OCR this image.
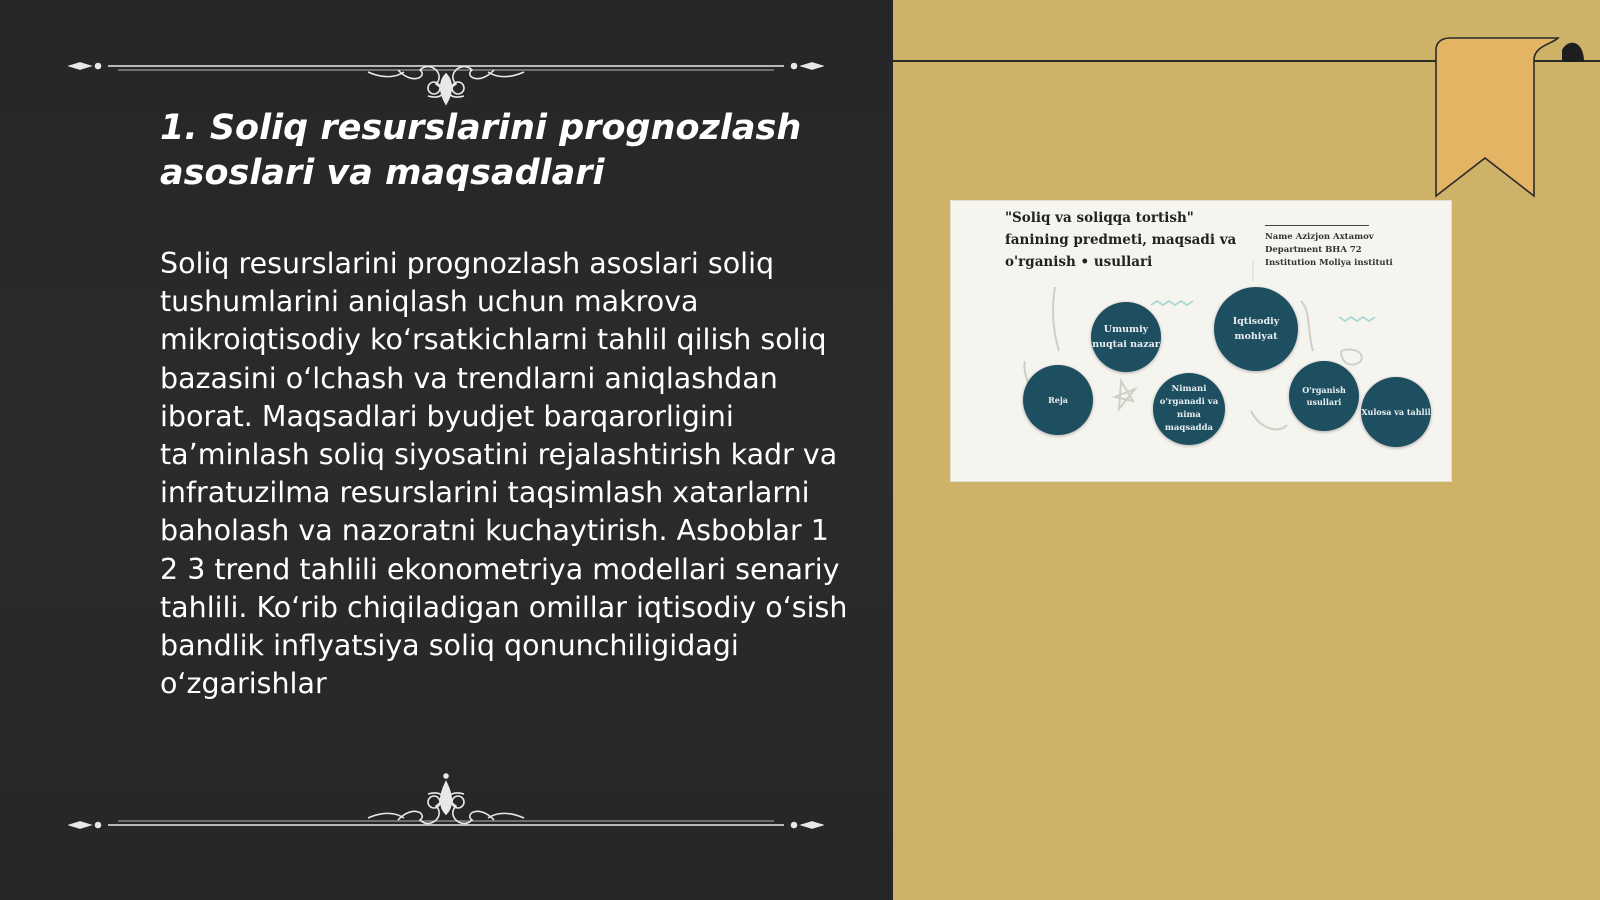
1. Soliq resurslarini prognozlash asoslari va maqsadlari

Soliq resurslarini prognozlash asoslari soliq tushumlarini aniqlash uchun makrova mikroiqtisodiy koʻrsatkichlarni tahlil qilish soliq bazasini oʻlchash va trendlarni aniqlashdan iborat. Maqsadlari byudjet barqarorligini taʼminlash soliq siyosatini rejalashtirish kadr va infratuzilma resurslarini taqsimlash xatarlarni baholash va nazoratni kuchaytirish. Asboblar 1 2 3 trend tahlili ekonometriya modellari senariy tahlili. Koʻrib chiqiladigan omillar iqtisodiy oʻsish bandlik inflyatsiya soliq qonunchiligidagi oʻzgarishlar

"Soliq va soliqqa tortish" fanining predmeti, maqsadi va o'rganish • usullari
Name Azizjon Axtamov
Department BHA 72
Institution Moliya instituti
Umumiy nuqtai nazar
Iqtisodiy mohiyat
Reja
Nimani o'rganadi va nima maqsadda
O'rganish usullari
Xulosa va tahlil
